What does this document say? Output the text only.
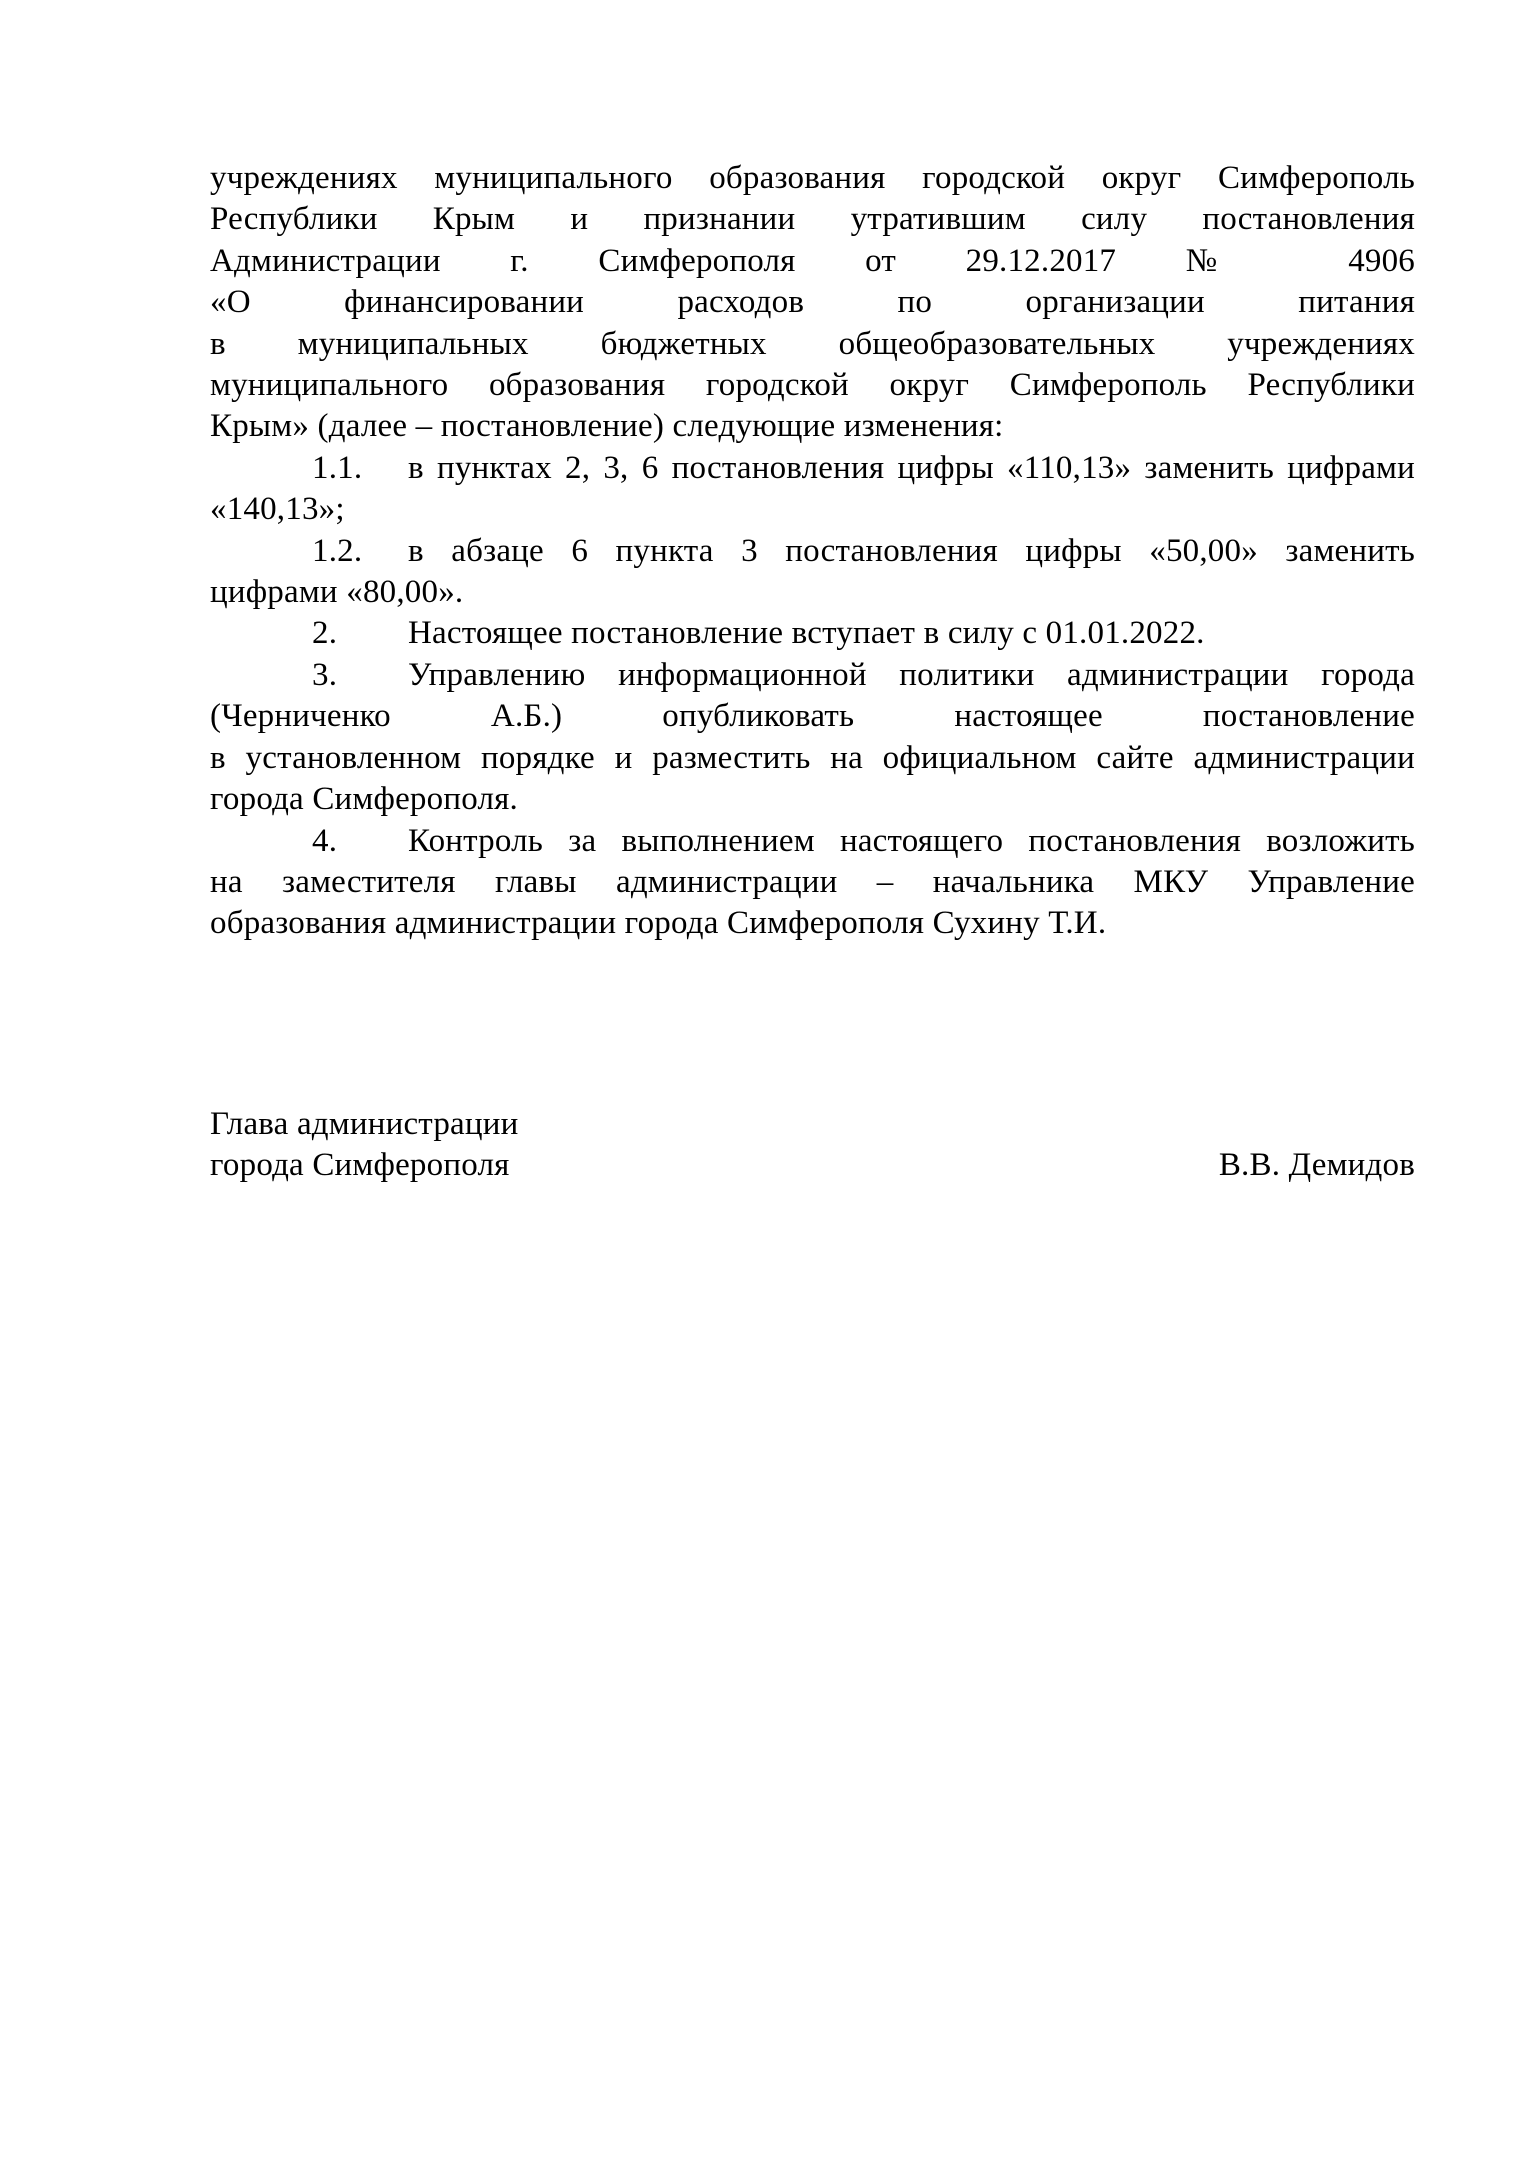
учреждениях муниципального образования городской округ Симферополь
Республики Крым и признании утратившим силу постановления
Администрации г. Симферополя от 29.12.2017 № 4906
«О финансировании расходов по организации питания
в муниципальных бюджетных общеобразовательных учреждениях
муниципального образования городской округ Симферополь Республики
Крым» (далее – постановление) следующие изменения:
1.1. в пунктах 2, 3, 6 постановления цифры «110,13» заменить цифрами
«140,13»;
1.2. в абзаце 6 пункта 3 постановления цифры «50,00» заменить
цифрами «80,00».
2. Настоящее постановление вступает в силу с 01.01.2022.
3. Управлению информационной политики администрации города
(Черниченко А.Б.) опубликовать настоящее постановление
в установленном порядке и разместить на официальном сайте администрации
города Симферополя.
4. Контроль за выполнением настоящего постановления возложить
на заместителя главы администрации – начальника МКУ Управление
образования администрации города Симферополя Сухину Т.И.
Глава администрации
города Симферополя	В.В. Демидов
